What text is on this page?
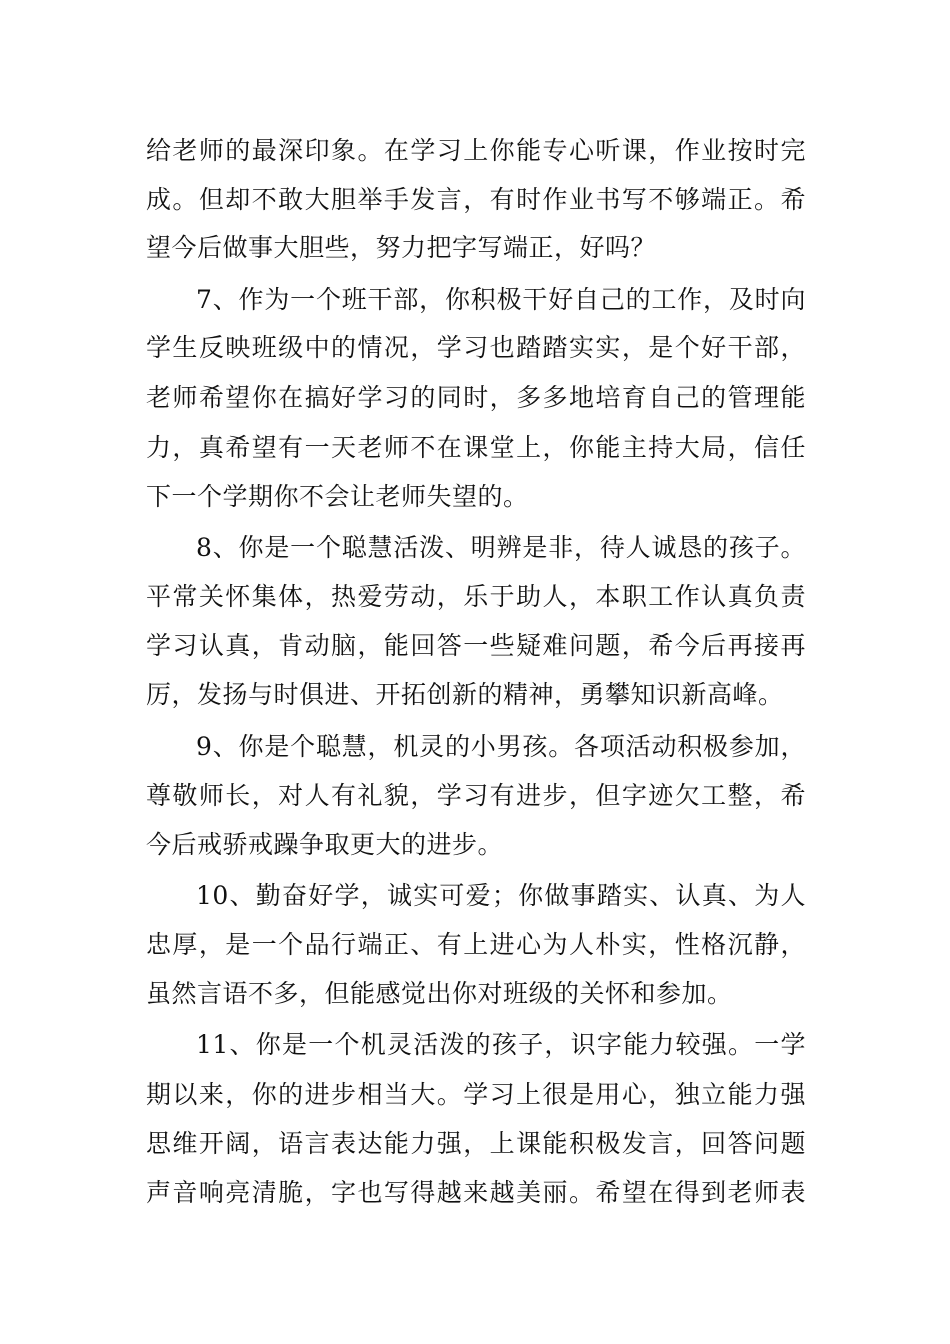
给老师的最深印象。在学习上你能专心听课，作业按时完
成。但却不敢大胆举手发言，有时作业书写不够端正。希
望今后做事大胆些，努力把字写端正，好吗？
7、作为一个班干部，你积极干好自己的工作，及时向
学生反映班级中的情况，学习也踏踏实实，是个好干部，
老师希望你在搞好学习的同时，多多地培育自己的管理能
力，真希望有一天老师不在课堂上，你能主持大局，信任
下一个学期你不会让老师失望的。
8、你是一个聪慧活泼、明辨是非，待人诚恳的孩子。
平常关怀集体，热爱劳动，乐于助人，本职工作认真负责
学习认真，肯动脑，能回答一些疑难问题，希今后再接再
厉，发扬与时俱进、开拓创新的精神，勇攀知识新高峰。
9、你是个聪慧，机灵的小男孩。各项活动积极参加，
尊敬师长，对人有礼貌，学习有进步，但字迹欠工整，希
今后戒骄戒躁争取更大的进步。
10、勤奋好学，诚实可爱；你做事踏实、认真、为人
忠厚，是一个品行端正、有上进心为人朴实，性格沉静，
虽然言语不多，但能感觉出你对班级的关怀和参加。
11、你是一个机灵活泼的孩子，识字能力较强。一学
期以来，你的进步相当大。学习上很是用心，独立能力强
思维开阔，语言表达能力强，上课能积极发言，回答问题
声音响亮清脆，字也写得越来越美丽。希望在得到老师表
